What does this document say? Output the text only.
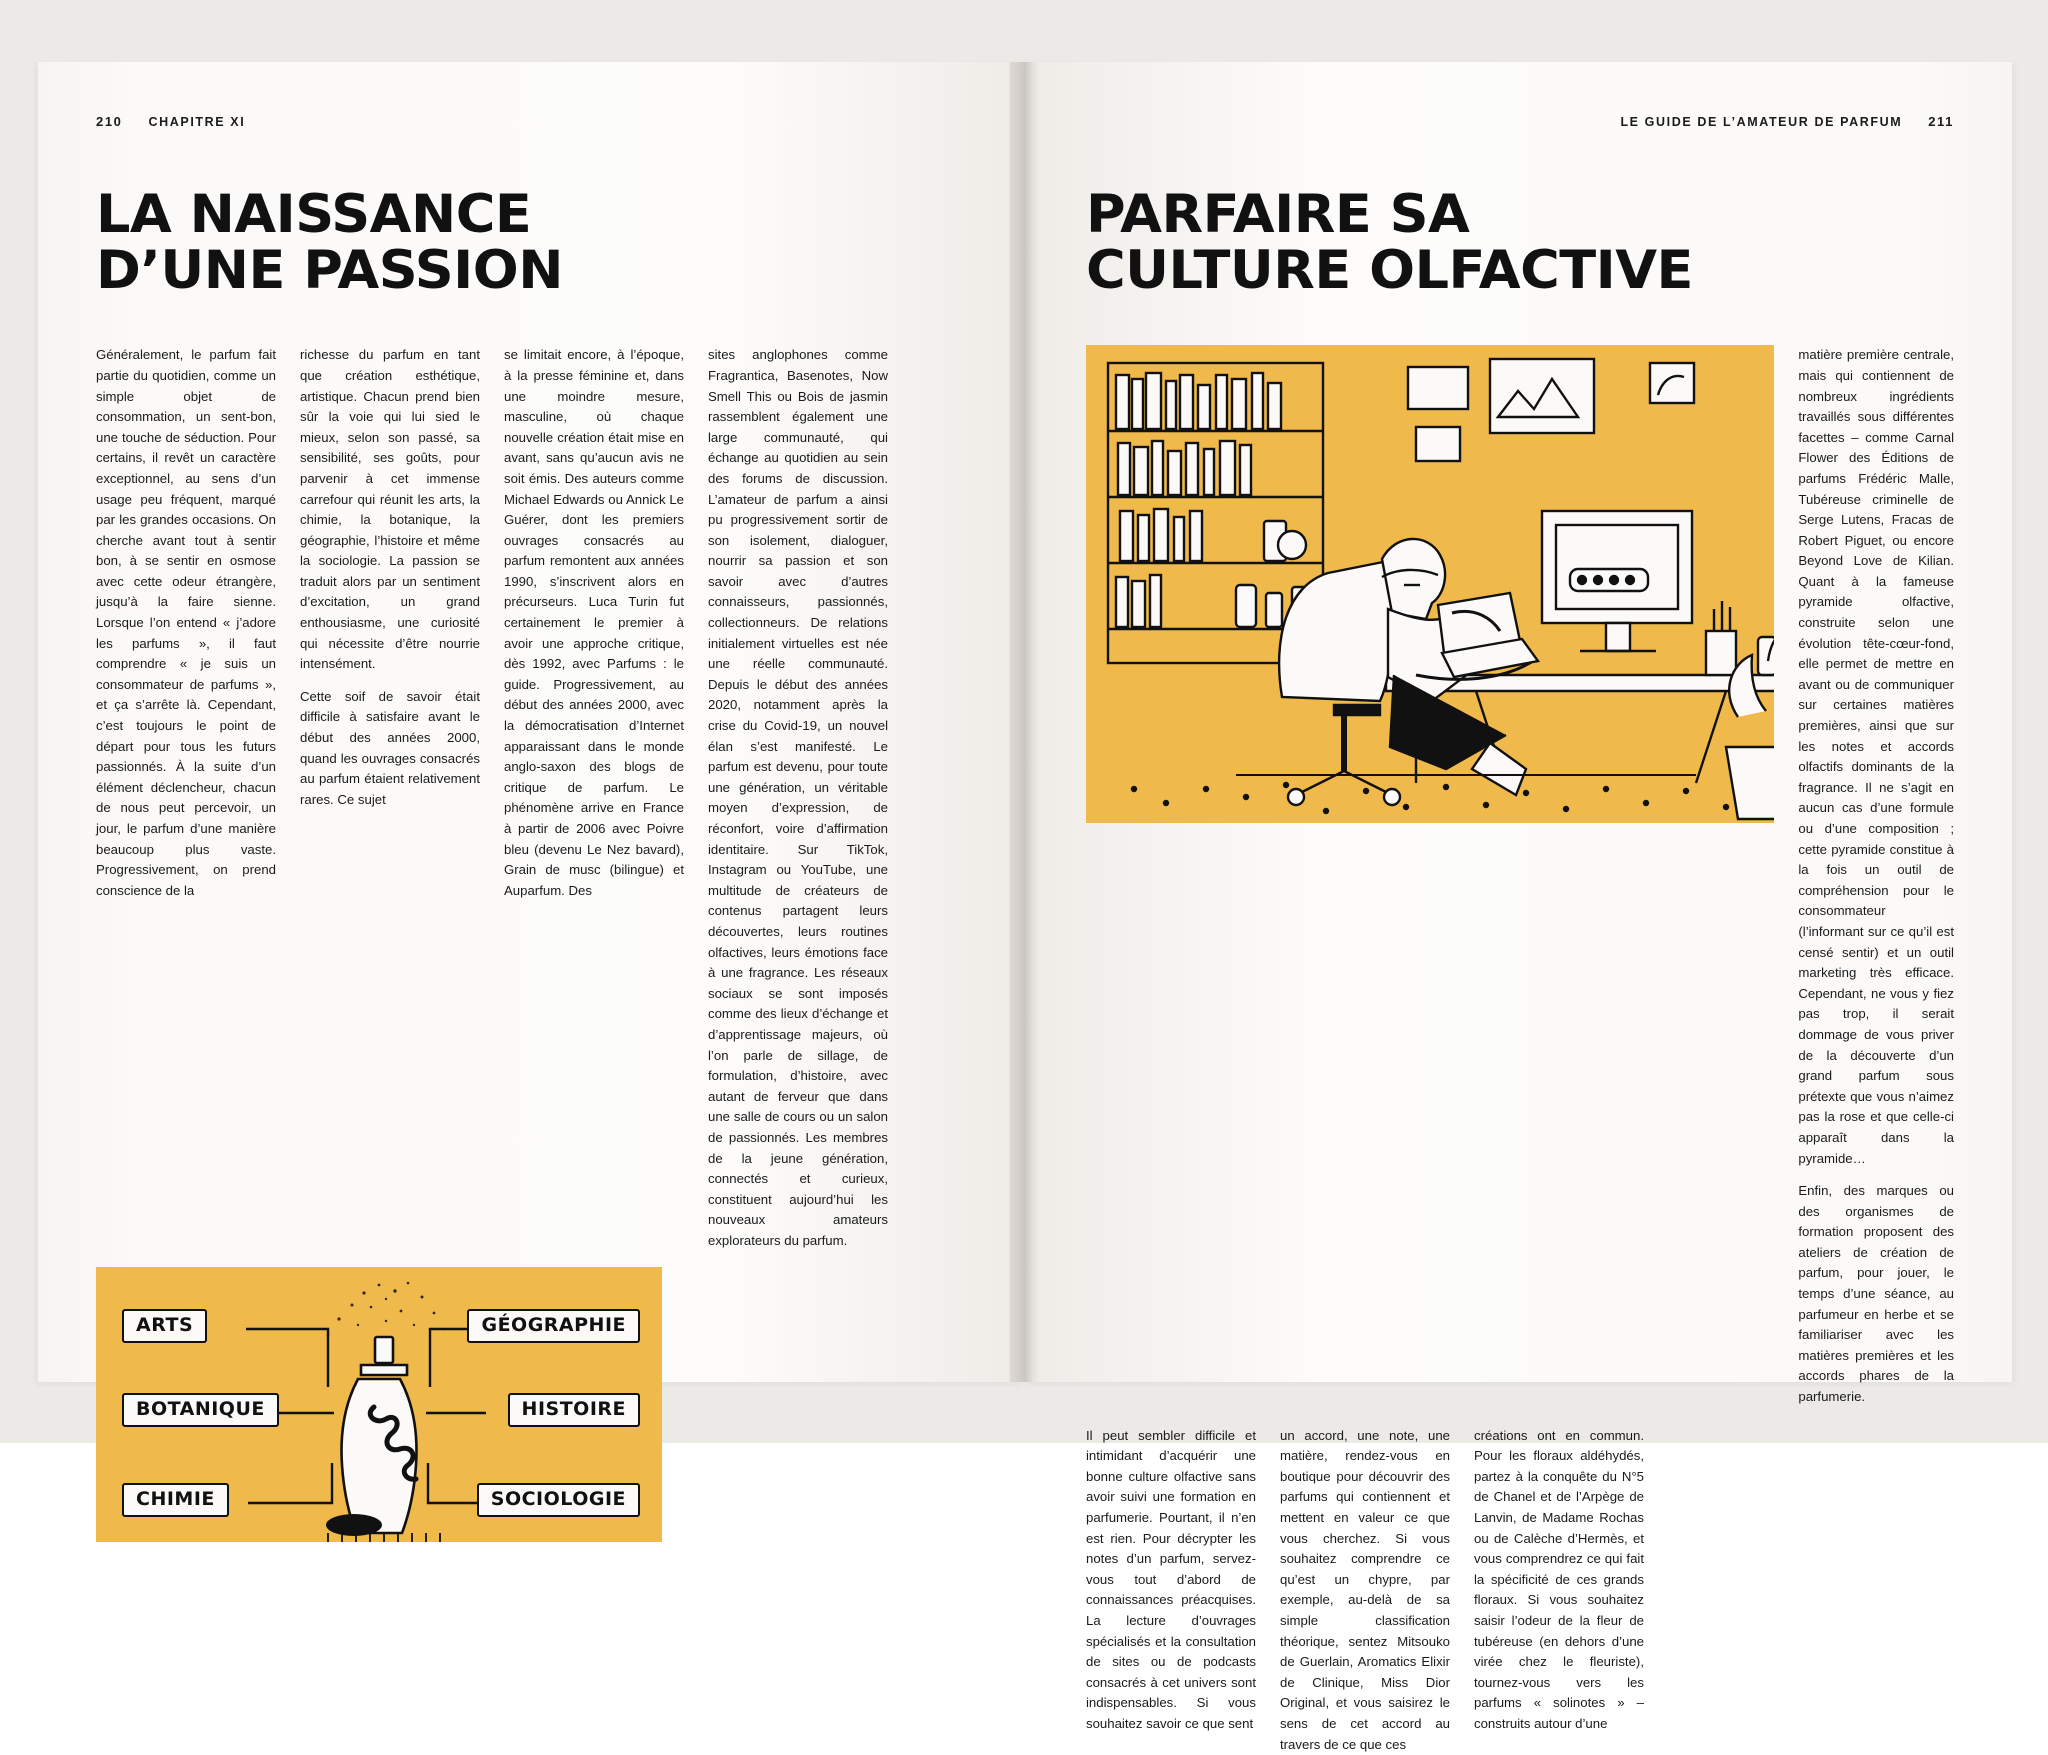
210 CHAPITRE XI
LA NAISSANCE
D’UNE PASSION

Généralement, le parfum fait partie du quotidien, comme un simple objet de consommation, un sent-bon, une touche de séduction. Pour certains, il revêt un caractère exceptionnel, au sens d’un usage peu fréquent, marqué par les grandes occasions. On cherche avant tout à sentir bon, à se sentir en osmose avec cette odeur étrangère, jusqu’à la faire sienne. Lorsque l’on entend « j’adore les parfums », il faut comprendre « je suis un consommateur de parfums », et ça s’arrête là. Cependant, c’est toujours le point de départ pour tous les futurs passionnés. À la suite d’un élément déclencheur, chacun de nous peut percevoir, un jour, le parfum d’une manière beaucoup plus vaste. Progressivement, on prend conscience de la

richesse du parfum en tant que création esthétique, artistique. Chacun prend bien sûr la voie qui lui sied le mieux, selon son passé, sa sensibilité, ses goûts, pour parvenir à cet immense carrefour qui réunit les arts, la chimie, la botanique, la géographie, l’histoire et même la sociologie. La passion se traduit alors par un sentiment d’excitation, un grand enthousiasme, une curiosité qui nécessite d’être nourrie intensément.

Cette soif de savoir était difficile à satisfaire avant le début des années 2000, quand les ouvrages consacrés au parfum étaient relativement rares. Ce sujet

se limitait encore, à l’époque, à la presse féminine et, dans une moindre mesure, masculine, où chaque nouvelle création était mise en avant, sans qu’aucun avis ne soit émis. Des auteurs comme Michael Edwards ou Annick Le Guérer, dont les premiers ouvrages consacrés au parfum remontent aux années 1990, s’inscrivent alors en précurseurs. Luca Turin fut certainement le premier à avoir une approche critique, dès 1992, avec Parfums : le guide. Progressivement, au début des années 2000, avec la démocratisation d’Internet apparaissant dans le monde anglo-saxon des blogs de critique de parfum. Le phénomène arrive en France à partir de 2006 avec Poivre bleu (devenu Le Nez bavard), Grain de musc (bilingue) et Auparfum. Des

sites anglophones comme Fragrantica, Basenotes, Now Smell This ou Bois de jasmin rassemblent également une large communauté, qui échange au quotidien au sein des forums de discussion. L’amateur de parfum a ainsi pu progressivement sortir de son isolement, dialoguer, nourrir sa passion et son savoir avec d’autres connaisseurs, passionnés, collectionneurs. De relations initialement virtuelles est née une réelle communauté. Depuis le début des années 2020, notamment après la crise du Covid-19, un nouvel élan s’est manifesté. Le parfum est devenu, pour toute une génération, un véritable moyen d’expression, de réconfort, voire d’affirmation identitaire. Sur TikTok, Instagram ou YouTube, une multitude de créateurs de contenus partagent leurs découvertes, leurs routines olfactives, leurs émotions face à une fragrance. Les réseaux sociaux se sont imposés comme des lieux d’échange et d’apprentissage majeurs, où l’on parle de sillage, de formulation, d’histoire, avec autant de ferveur que dans une salle de cours ou un salon de passionnés. Les membres de la jeune génération, connectés et curieux, constituent aujourd’hui les nouveaux amateurs explorateurs du parfum.

ARTS	GÉOGRAPHIE
BOTANIQUE	HISTOIRE
CHIMIE	SOCIOLOGIE
LE GUIDE DE L’AMATEUR DE PARFUM 211
PARFAIRE SA
CULTURE OLFACTIVE

matière première centrale, mais qui contiennent de nombreux ingrédients travaillés sous différentes facettes – comme Carnal Flower des Éditions de parfums Frédéric Malle, Tubéreuse criminelle de Serge Lutens, Fracas de Robert Piguet, ou encore Beyond Love de Kilian. Quant à la fameuse pyramide olfactive, construite selon une évolution tête-cœur-fond, elle permet de mettre en avant ou de communiquer sur certaines matières premières, ainsi que sur les notes et accords olfactifs dominants de la fragrance. Il ne s’agit en aucun cas d’une formule ou d’une composition ; cette pyramide constitue à la fois un outil de compréhension pour le consommateur (l’informant sur ce qu’il est censé sentir) et un outil marketing très efficace. Cependant, ne vous y fiez pas trop, il serait dommage de vous priver de la découverte d’un grand parfum sous prétexte que vous n’aimez pas la rose et que celle-ci apparaît dans la pyramide…

Enfin, des marques ou des organismes de formation proposent des ateliers de création de parfum, pour jouer, le temps d’une séance, au parfumeur en herbe et se familiariser avec les matières premières et les accords phares de la parfumerie.

Il peut sembler difficile et intimidant d’acquérir une bonne culture olfactive sans avoir suivi une formation en parfumerie. Pourtant, il n’en est rien. Pour décrypter les notes d’un parfum, servez-vous tout d’abord de connaissances préacquises. La lecture d’ouvrages spécialisés et la consultation de sites ou de podcasts consacrés à cet univers sont indispensables. Si vous souhaitez savoir ce que sent

un accord, une note, une matière, rendez-vous en boutique pour découvrir des parfums qui contiennent et mettent en valeur ce que vous cherchez. Si vous souhaitez comprendre ce qu’est un chypre, par exemple, au-delà de sa simple classification théorique, sentez Mitsouko de Guerlain, Aromatics Elixir de Clinique, Miss Dior Original, et vous saisirez le sens de cet accord au travers de ce que ces

créations ont en commun. Pour les floraux aldéhydés, partez à la conquête du N°5 de Chanel et de l’Arpège de Lanvin, de Madame Rochas ou de Calèche d’Hermès, et vous comprendrez ce qui fait la spécificité de ces grands floraux. Si vous souhaitez saisir l’odeur de la fleur de tubéreuse (en dehors d’une virée chez le fleuriste), tournez-vous vers les parfums « solinotes » – construits autour d’une
